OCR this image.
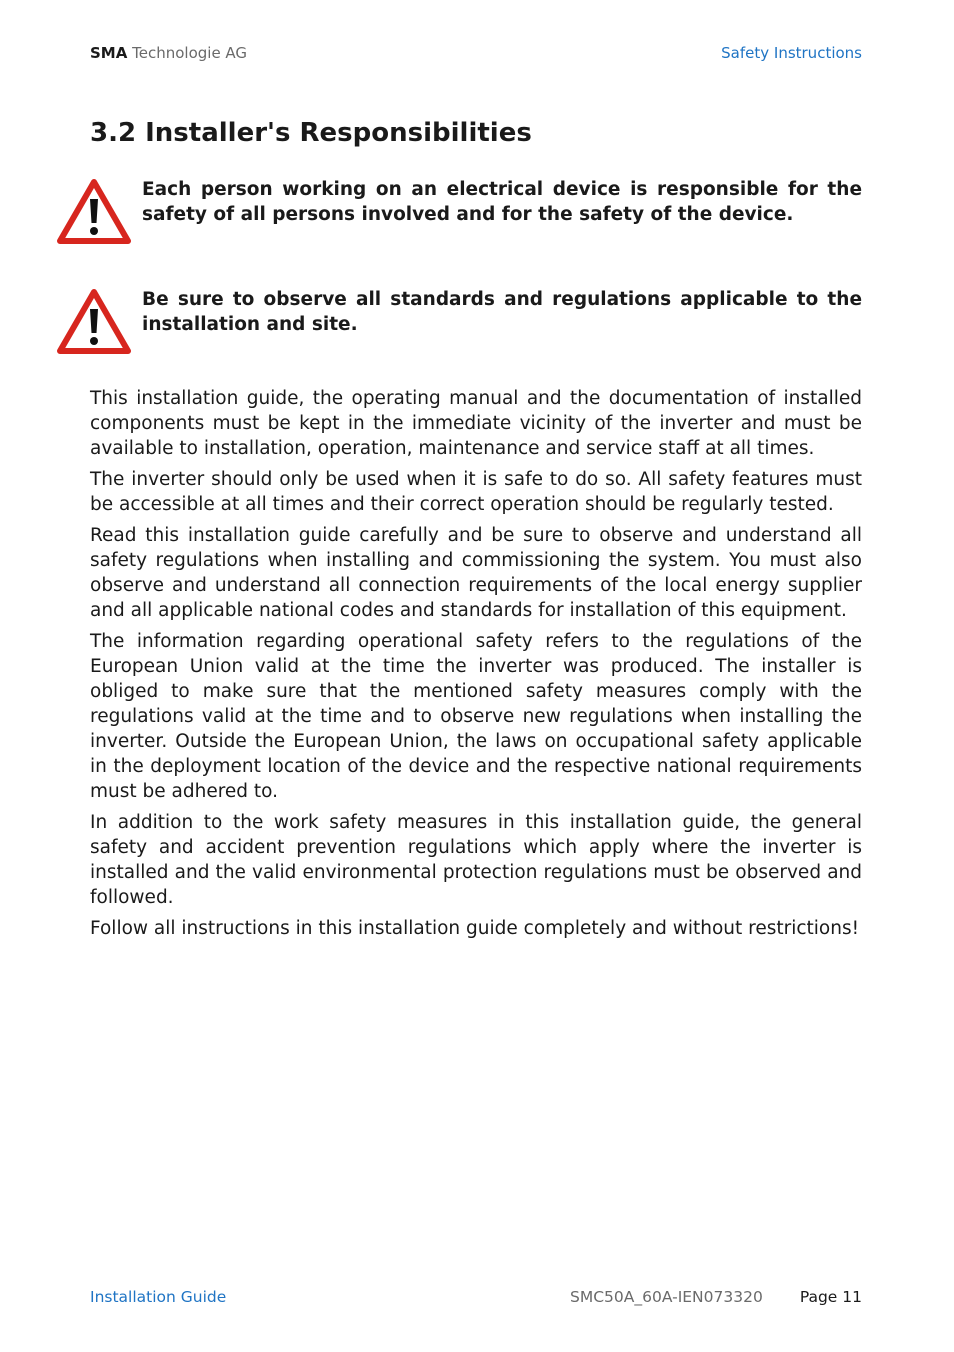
SMA Technologie AG	Safety Instructions
3.2 Installer's Responsibilities

Each person working on an electrical device is responsible for the safety of all persons involved and for the safety of the device.

Be sure to observe all standards and regulations applicable to the installation and site.

This installation guide, the operating manual and the documentation of installed components must be kept in the immediate vicinity of the inverter and must be available to installation, operation, maintenance and service staff at all times.

The inverter should only be used when it is safe to do so. All safety features must be accessible at all times and their correct operation should be regularly tested.

Read this installation guide carefully and be sure to observe and understand all safety regulations when installing and commissioning the system. You must also observe and understand all connection requirements of the local energy supplier and all applicable national codes and standards for installation of this equipment.

The information regarding operational safety refers to the regulations of the European Union valid at the time the inverter was produced. The installer is obliged to make sure that the mentioned safety measures comply with the regulations valid at the time and to observe new regulations when installing the inverter. Outside the European Union, the laws on occupational safety applicable in the deployment location of the device and the respective national requirements must be adhered to.

In addition to the work safety measures in this installation guide, the general safety and accident prevention regulations which apply where the inverter is installed and the valid environmental protection regulations must be observed and followed.

Follow all instructions in this installation guide completely and without restrictions!

Installation Guide	SMC50A_60A-IEN073320 Page 11
